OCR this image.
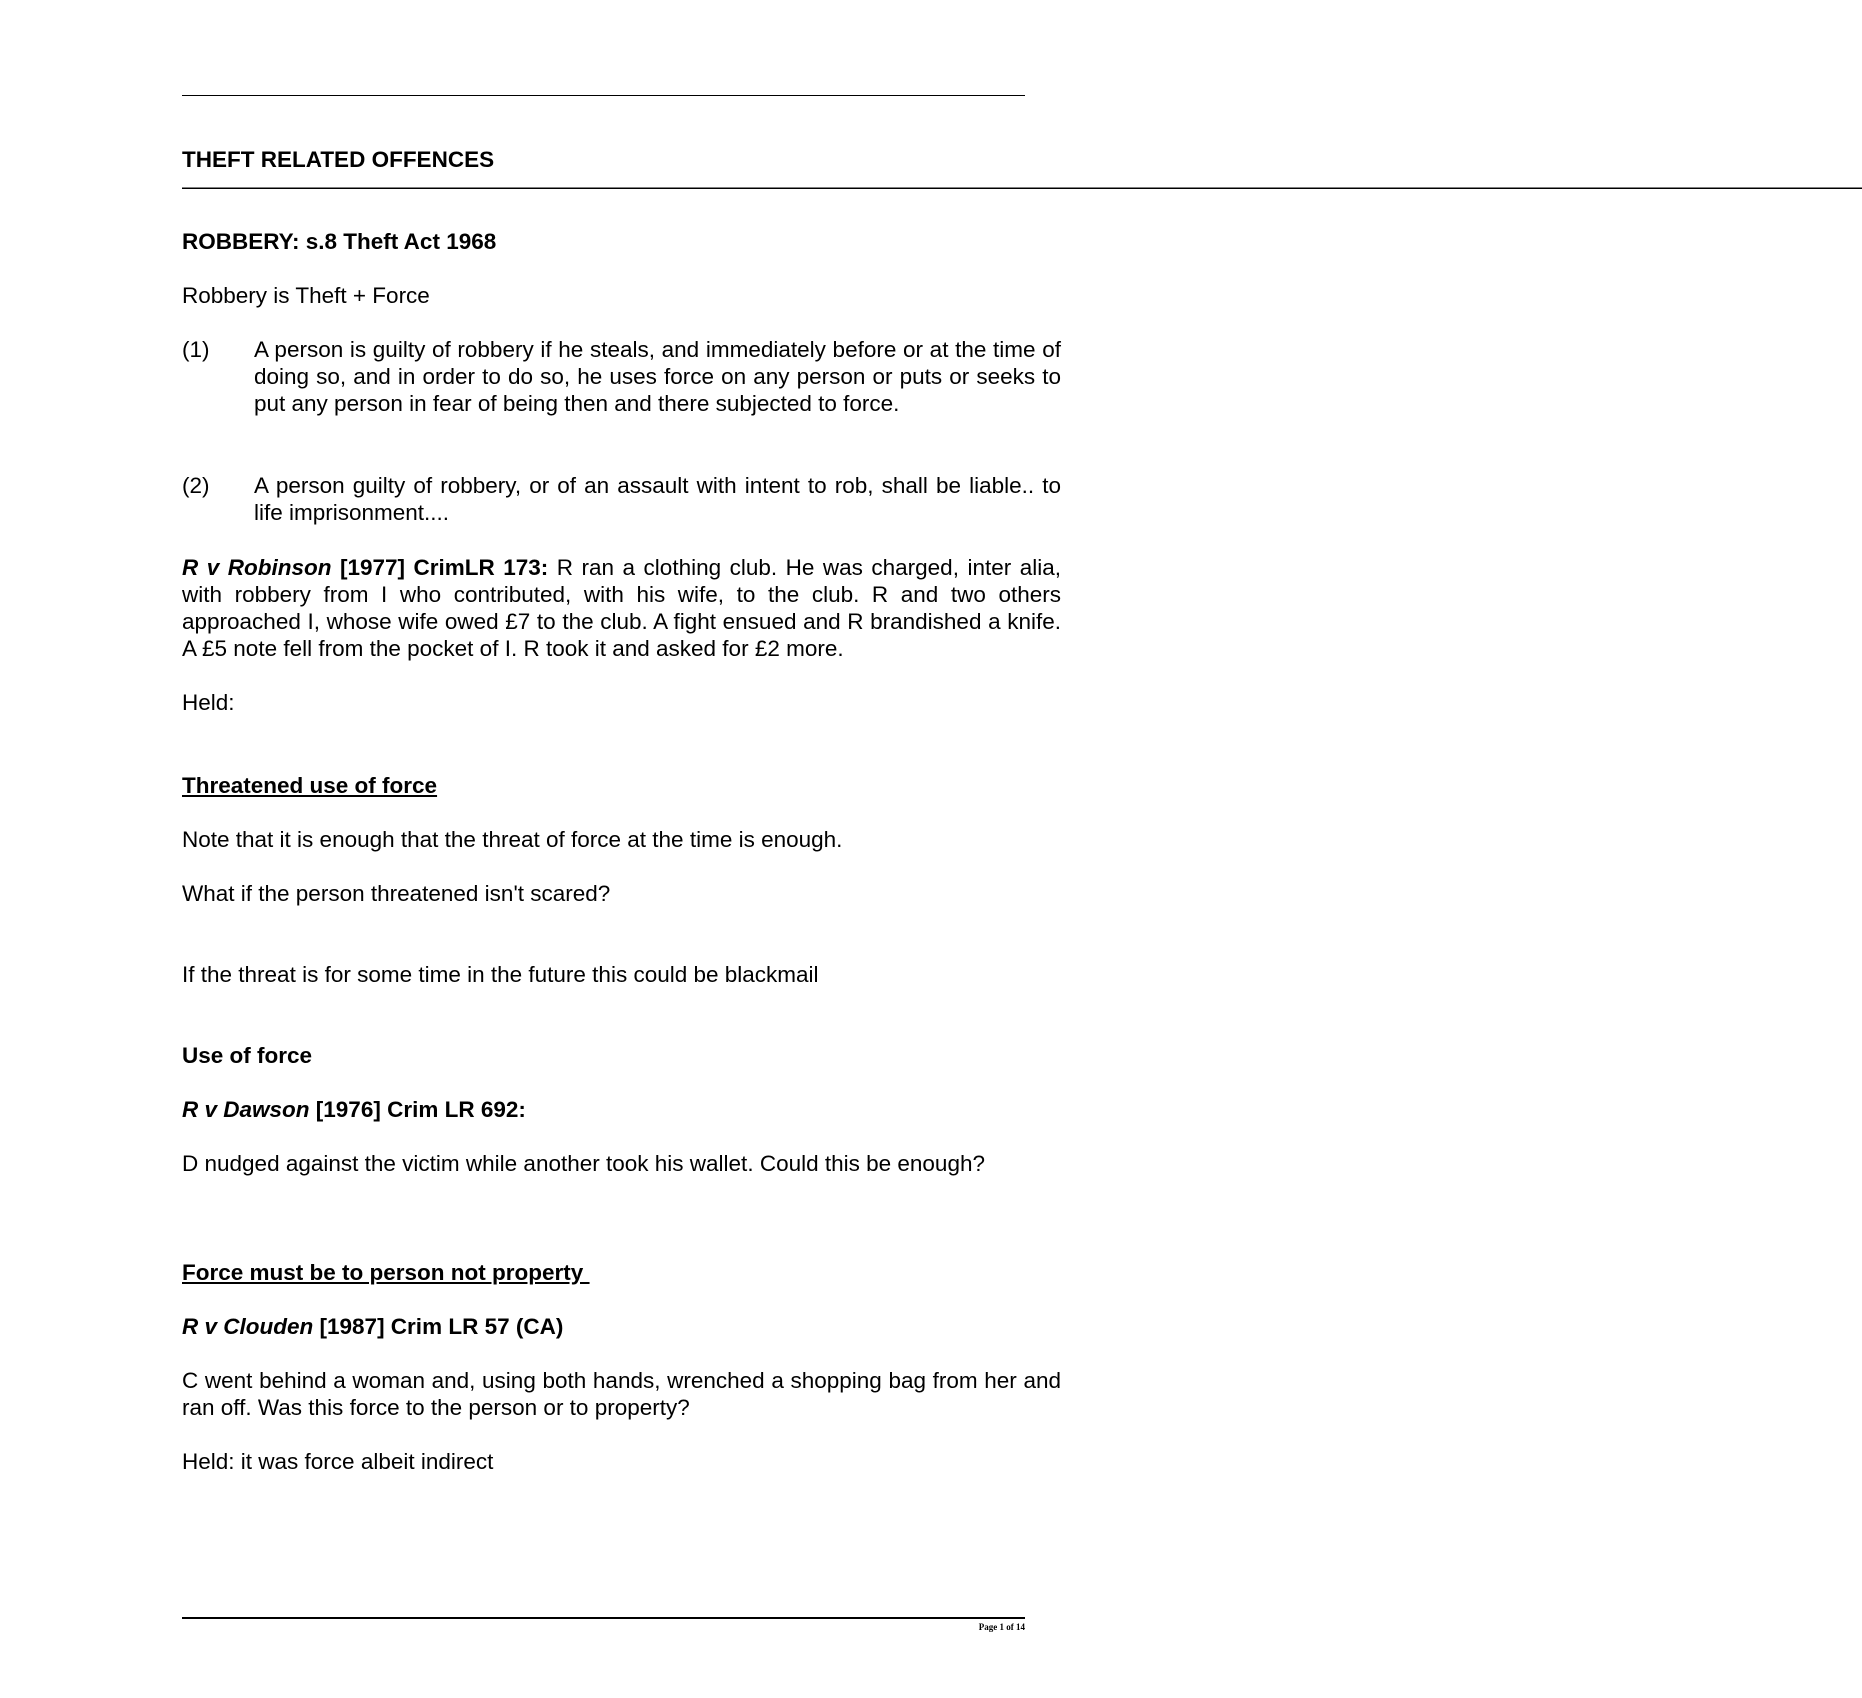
THEFT RELATED OFFENCES
————————————————————————————————————————————————————————————————————————————————
ROBBERY: s.8 Theft Act 1968
Robbery is Theft + Force
(1) A person is guilty of robbery if he steals, and immediately before or at the time of doing so, and in order to do so, he uses force on any person or puts or seeks to put any person in fear of being then and there subjected to force.
(2) A person guilty of robbery, or of an assault with intent to rob, shall be liable.. to life imprisonment....
R v Robinson [1977] CrimLR 173: R ran a clothing club. He was charged, inter alia, with robbery from I who contributed, with his wife, to the club. R and two others approached I, whose wife owed £7 to the club. A fight ensued and R brandished a knife. A £5 note fell from the pocket of I. R took it and asked for £2 more.
Held:
Threatened use of force
Note that it is enough that the threat of force at the time is enough.
What if the person threatened isn't scared?
If the threat is for some time in the future this could be blackmail
Use of force
R v Dawson [1976] Crim LR 692:
D nudged against the victim while another took his wallet. Could this be enough?
Force must be to person not property
R v Clouden [1987] Crim LR 57 (CA)
C went behind a woman and, using both hands, wrenched a shopping bag from her and ran off. Was this force to the person or to property?
Held: it was force albeit indirect
Page 1 of 14
